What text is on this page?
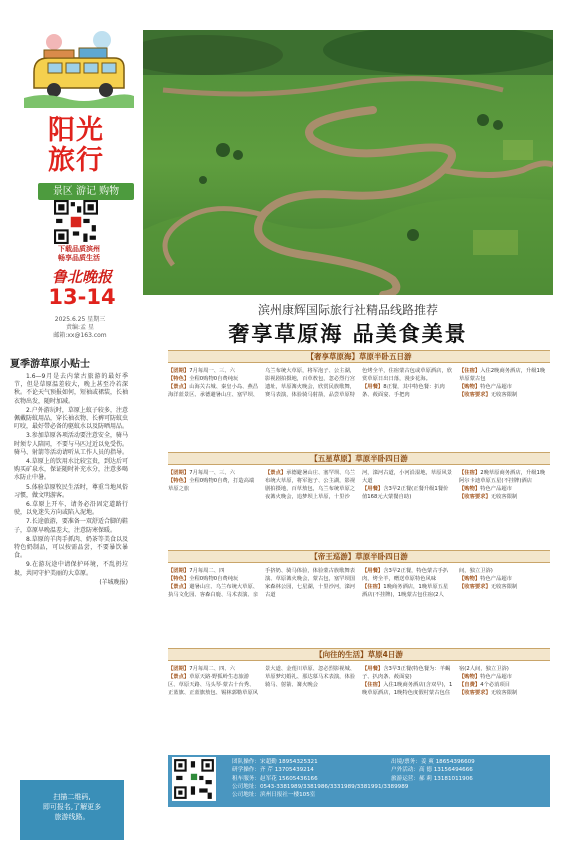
阳光旅行
景区 游记 购物
下载品质滨州
畅享品质生活
鲁北晚报
13-14
2025.6.25 星期三
责编:孟 星
邮箱:xx@163.com
夏季游草原小贴士

1.6—9月是去内蒙古旅游的最好季节，但是草原温差较大，晚上甚至冷若深秋。不论天气预报如何，短袖或裙装，长袖衣物出发，随时加减。

2.户外游玩时，草原上蚊子较多，注意佩戴防蚊用品，穿长袖衣物、长裤可防蚊虫叮咬，最好带必备的驱蚊水以及防晒用品。

3.参加草原各项活动要注意安全，骑马时须专人陪同，不要与马匹过近以免受伤。骑马、射箭等活动请听从工作人员的指导。

4.草原上的饮用水比较宝贵，到达后可购买矿泉水，保证随时补充水分，注意多喝水防止中暑。

5.体验草原牧民生活时，尊重当地风俗习惯，做文明游客。

6.草原上开车，请务必沿固定道路行驶，以免迷失方向或陷入泥地。

7.长途旅游，要准备一双舒适合脚的鞋子，草原早晚温差大，注意防寒保暖。

8.草原的羊肉手抓肉、奶茶等美食以及特色奶制品，可以按需品尝，不要暴饮暴食。

9.在游玩途中请保护环境，不乱扔垃圾，共同守护美丽的大草原。

(羊城晚报)

扫描二维码,
即可报名,了解更多
旅游线路。
滨州康辉国际旅行社精品线路推荐
奢享草原海 品美食美景
【奢享草原海】草原半卧五日游

【团期】7月每周一、三、六

【特色】全程0购物0自费纯玩

【景点】山海关古城、秦皇小岛、燕昌海洋蓝景区、承德避暑山庄、塞罕坝、乌兰布统大草原，将军泡子、公主湖，影视剧拍摄地，百草敖包，忽必烈行宫遗址，草原篝火晚会，欣赏民族歌舞，赛马表演，体验骑马射箭，品尝草原特色烤全羊，住宿蒙古包或草原酒店，欣赏草原日出日落，漫步花海。

【用餐】8正餐，其中特色餐：扒肉条、莜面宴、手把肉

【住宿】入住2晚商务酒店，升级1晚草原蒙古包

【购物】特色产品超市

【收客要求】无收客限制

【五星草原】草原半卧四日游

【团期】7月每周一、三、六

【特色】全程0购物0自费，打造高端草原之旅

【景点】承德避暑山庄、塞罕坝、乌兰布统大草原，将军泡子、公主湖，影视剧拍摄地，百草敖包，乌兰布统草原之夜篝火晚会，追梦坝上草原，十里沙河，滦河古道，小河沿湿地，草原风景大道

【用餐】含3早2正餐(正餐升级1餐价值168元大蒙餐自助)

【住宿】2晚草原商务酒店，升级1晚阿尔卡迪草原五星(不挂牌)酒店

【购物】特色产品超市

【收客要求】无收客限制

【帝王巡游】草原半卧四日游

【团期】7月每周二、四

【特色】全程0购物0自费纯玩

【景点】避暑山庄、乌兰布统大草原、执马文化园、客森白鹿、马术表演、亲手挤奶、骑马体验，体验蒙古族歌舞表演、草原篝火晚会，蒙古包，塞罕坝国家森林公园，七星湖，十里沙河，滦河古道

【用餐】含3早2正餐，特色蒙古手扒肉，烤全羊，赠送草原特色风味

【住宿】1晚商务酒店，1晚草原五星酒店(不挂牌)，1晚蒙古包住宿(2人间，独立卫浴)

【购物】特色产品超市

【收客要求】无收客限制

【向往的生活】草原4日游

【团期】7月每周二、四、六

【景点】草原天路·野狐岭生态旅游区、草原天路、马头琴·蒙古十台秀、正蓝旗、正蓝旗敖包、锡林郭勒草原风景大道、金莲川草原、忽必烈影视城、草原梦幻婚礼、那达慕马术表演，体验骑马、射箭、篝火晚会

【用餐】含3早3正餐(特色餐为：羊蝎子、扒肉条、莜面宴)

【住宿】入住1晚商务酒店(含双早)，1晚草原酒店，1晚特色度假村蒙古包住宿(2人间，独立卫浴)

【购物】特色产品超市

【自费】4个必消项目

【收客要求】无收客限制

团队操作：宋超勤 18954325321
研学操作：齐 芹 13705439214
租车服务：赵军花 15605436166
出境/票务：姜 爽 18654396609
户外活动：高 德 13156494666
旅游运营：郝 莉 13181011906
公司地址：0543-3381989/3381986/3331989/3381991/3389989
公司地址：滨州日报社一楼105室
